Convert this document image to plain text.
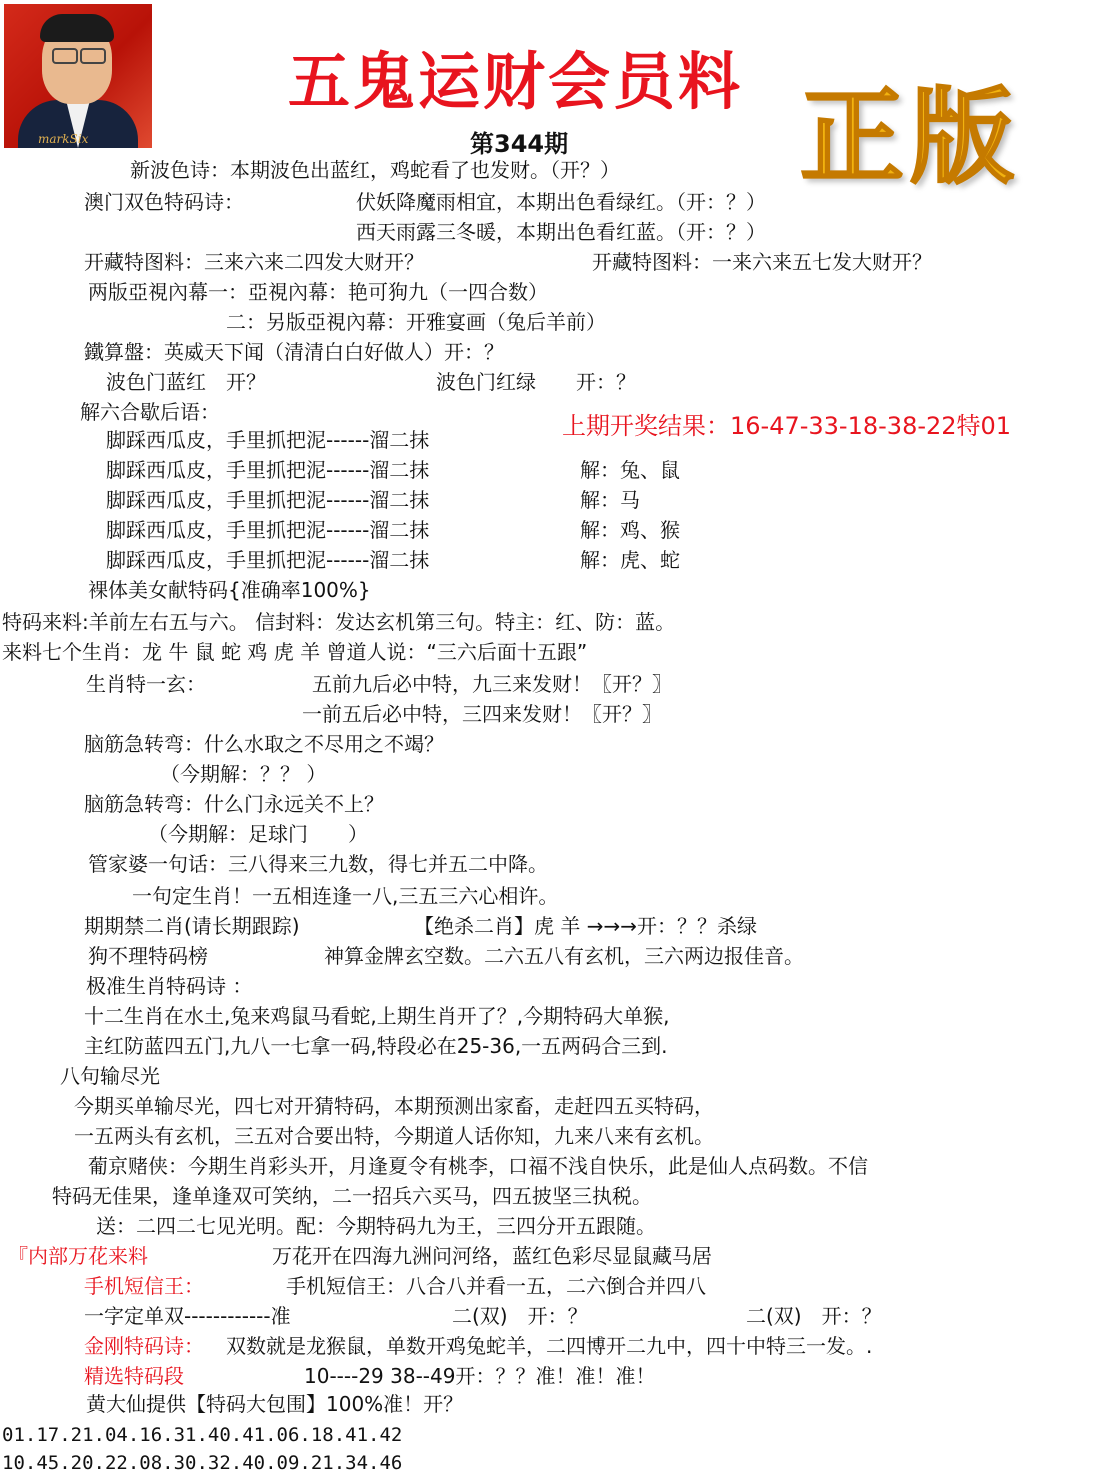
markSix
五鬼运财会员料
第344期 正版
新波色诗：本期波色出蓝红，鸡蛇看了也发财。（开？）
澳门双色特码诗：	伏妖降魔雨相宜，本期出色看绿红。（开：？）
西天雨露三冬暖，本期出色看红蓝。（开：？）
开藏特图料：三来六来二四发大财开？	开藏特图料：一来六来五七发大财开？
两版亞視內幕一：亞視內幕：艳可狗九（一四合数）
二：另版亞視內幕：开雅宴画（兔后羊前）
鐵算盤：英威天下闻（清清白白好做人）开：？
波色门蓝红　开？	波色门红绿　　开：？
解六合歇后语：	上期开奖结果：16-47-33-18-38-22特01
脚踩西瓜皮，手里抓把泥------溜二抹
脚踩西瓜皮，手里抓把泥------溜二抹	解：兔、鼠
脚踩西瓜皮，手里抓把泥------溜二抹	解：马
脚踩西瓜皮，手里抓把泥------溜二抹	解：鸡、猴
脚踩西瓜皮，手里抓把泥------溜二抹	解：虎、蛇
裸体美女献特码{准确率100%}
特码来料:羊前左右五与六。 信封料：发达玄机第三句。特主：红、防：蓝。
来料七个生肖：龙 牛 鼠 蛇 鸡 虎 羊 曾道人说：“三六后面十五跟”
生肖特一玄：	五前九后必中特，九三来发财！〖开？〗
一前五后必中特，三四来发财！〖开？〗
脑筋急转弯：什么水取之不尽用之不竭？
（今期解：？？ ）
脑筋急转弯：什么门永远关不上？
（今期解：足球门　　）
管家婆一句话：三八得来三九数，得七并五二中降。
一句定生肖！一五相连逢一八,三五三六心相许。
期期禁二肖(请长期跟踪)	【绝杀二肖】虎 羊 →→→开：？？杀绿
狗不理特码榜	神算金牌玄空数。二六五八有玄机，三六两边报佳音。
极准生肖特码诗 ：
十二生肖在水土,兔来鸡鼠马看蛇,上期生肖开了？,今期特码大单猴,
主红防蓝四五门,九八一七拿一码,特段必在25-36,一五两码合三到.
八句输尽光
今期买单输尽光，四七对开猜特码，本期预测出家畜，走赶四五买特码，
一五两头有玄机，三五对合要出特，今期道人话你知，九来八来有玄机。
葡京赌侠：今期生肖彩头开，月逢夏令有桃李，口福不浅自快乐，此是仙人点码数。不信
特码无佳果，逢单逢双可笑纳，二一招兵六买马，四五披坚三执税。
送：二四二七见光明。配：今期特码九为王，三四分开五跟随。
『内部万花来料	万花开在四海九洲问河络，蓝红色彩尽显鼠藏马居
手机短信王：	手机短信王：八合八并看一五，二六倒合并四八
一字定单双------------准	二(双)　开：？	二(双)　开：？
金刚特码诗： 双数就是龙猴鼠，单数开鸡兔蛇羊，二四博开二九中，四十中特三一发。.
精选特码段	10----29 38--49开：？？准！准！准！
黄大仙提供【特码大包围】100%准！开？
01.17.21.04.16.31.40.41.06.18.41.42
10.45.20.22.08.30.32.40.09.21.34.46
